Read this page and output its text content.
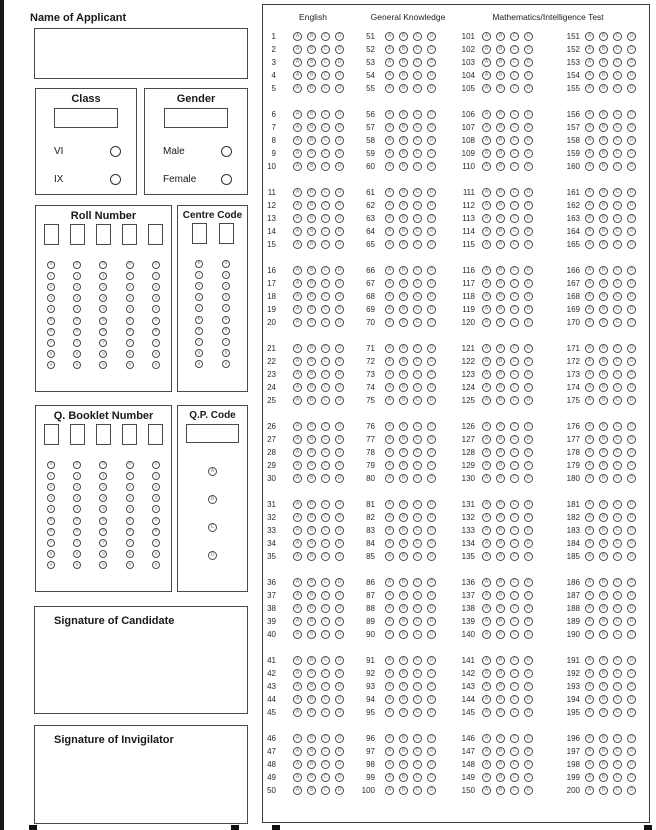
Name of Applicant
Class
VI
IX
Gender
Male
Female
Roll Number
0	0	0	0	0
1	1	1	1	1
2	2	2	2	2
3	3	3	3	3
4	4	4	4	4
5	5	5	5	5
6	6	6	6	6
7	7	7	7	7
8	8	8	8	8
9	9	9	9	9
Centre Code
0	0
1	1
2	2
3	3
4	4
5	5
6	6
7	7
8	8
9	9
Q. Booklet Number
0	0	0	0	0
1	1	1	1	1
2	2	2	2	2
3	3	3	3	3
4	4	4	4	4
5	5	5	5	5
6	6	6	6	6
7	7	7	7	7
8	8	8	8	8
9	9	9	9	9
Q.P. Code
A
B
C
D
Signature of Candidate
Signature of Invigilator
English	General Knowledge	Mathematics/Intelligence Test
1	A	B	C	D
2	A	B	C	D
3	A	B	C	D
4	A	B	C	D
5	A	B	C	D
6	A	B	C	D
7	A	B	C	D
8	A	B	C	D
9	A	B	C	D
10	A	B	C	D
11	A	B	C	D
12	A	B	C	D
13	A	B	C	D
14	A	B	C	D
15	A	B	C	D
16	A	B	C	D
17	A	B	C	D
18	A	B	C	D
19	A	B	C	D
20	A	B	C	D
21	A	B	C	D
22	A	B	C	D
23	A	B	C	D
24	A	B	C	D
25	A	B	C	D
26	A	B	C	D
27	A	B	C	D
28	A	B	C	D
29	A	B	C	D
30	A	B	C	D
31	A	B	C	D
32	A	B	C	D
33	A	B	C	D
34	A	B	C	D
35	A	B	C	D
36	A	B	C	D
37	A	B	C	D
38	A	B	C	D
39	A	B	C	D
40	A	B	C	D
41	A	B	C	D
42	A	B	C	D
43	A	B	C	D
44	A	B	C	D
45	A	B	C	D
46	A	B	C	D
47	A	B	C	D
48	A	B	C	D
49	A	B	C	D
50	A	B	C	D
51	A	B	C	D
52	A	B	C	D
53	A	B	C	D
54	A	B	C	D
55	A	B	C	D
56	A	B	C	D
57	A	B	C	D
58	A	B	C	D
59	A	B	C	D
60	A	B	C	D
61	A	B	C	D
62	A	B	C	D
63	A	B	C	D
64	A	B	C	D
65	A	B	C	D
66	A	B	C	D
67	A	B	C	D
68	A	B	C	D
69	A	B	C	D
70	A	B	C	D
71	A	B	C	D
72	A	B	C	D
73	A	B	C	D
74	A	B	C	D
75	A	B	C	D
76	A	B	C	D
77	A	B	C	D
78	A	B	C	D
79	A	B	C	D
80	A	B	C	D
81	A	B	C	D
82	A	B	C	D
83	A	B	C	D
84	A	B	C	D
85	A	B	C	D
86	A	B	C	D
87	A	B	C	D
88	A	B	C	D
89	A	B	C	D
90	A	B	C	D
91	A	B	C	D
92	A	B	C	D
93	A	B	C	D
94	A	B	C	D
95	A	B	C	D
96	A	B	C	D
97	A	B	C	D
98	A	B	C	D
99	A	B	C	D
100	A	B	C	D
101	A	B	C	D
102	A	B	C	D
103	A	B	C	D
104	A	B	C	D
105	A	B	C	D
106	A	B	C	D
107	A	B	C	D
108	A	B	C	D
109	A	B	C	D
110	A	B	C	D
111	A	B	C	D
112	A	B	C	D
113	A	B	C	D
114	A	B	C	D
115	A	B	C	D
116	A	B	C	D
117	A	B	C	D
118	A	B	C	D
119	A	B	C	D
120	A	B	C	D
121	A	B	C	D
122	A	B	C	D
123	A	B	C	D
124	A	B	C	D
125	A	B	C	D
126	A	B	C	D
127	A	B	C	D
128	A	B	C	D
129	A	B	C	D
130	A	B	C	D
131	A	B	C	D
132	A	B	C	D
133	A	B	C	D
134	A	B	C	D
135	A	B	C	D
136	A	B	C	D
137	A	B	C	D
138	A	B	C	D
139	A	B	C	D
140	A	B	C	D
141	A	B	C	D
142	A	B	C	D
143	A	B	C	D
144	A	B	C	D
145	A	B	C	D
146	A	B	C	D
147	A	B	C	D
148	A	B	C	D
149	A	B	C	D
150	A	B	C	D
151	A	B	C	D
152	A	B	C	D
153	A	B	C	D
154	A	B	C	D
155	A	B	C	D
156	A	B	C	D
157	A	B	C	D
158	A	B	C	D
159	A	B	C	D
160	A	B	C	D
161	A	B	C	D
162	A	B	C	D
163	A	B	C	D
164	A	B	C	D
165	A	B	C	D
166	A	B	C	D
167	A	B	C	D
168	A	B	C	D
169	A	B	C	D
170	A	B	C	D
171	A	B	C	D
172	A	B	C	D
173	A	B	C	D
174	A	B	C	D
175	A	B	C	D
176	A	B	C	D
177	A	B	C	D
178	A	B	C	D
179	A	B	C	D
180	A	B	C	D
181	A	B	C	D
182	A	B	C	D
183	A	B	C	D
184	A	B	C	D
185	A	B	C	D
186	A	B	C	D
187	A	B	C	D
188	A	B	C	D
189	A	B	C	D
190	A	B	C	D
191	A	B	C	D
192	A	B	C	D
193	A	B	C	D
194	A	B	C	D
195	A	B	C	D
196	A	B	C	D
197	A	B	C	D
198	A	B	C	D
199	A	B	C	D
200	A	B	C	D
